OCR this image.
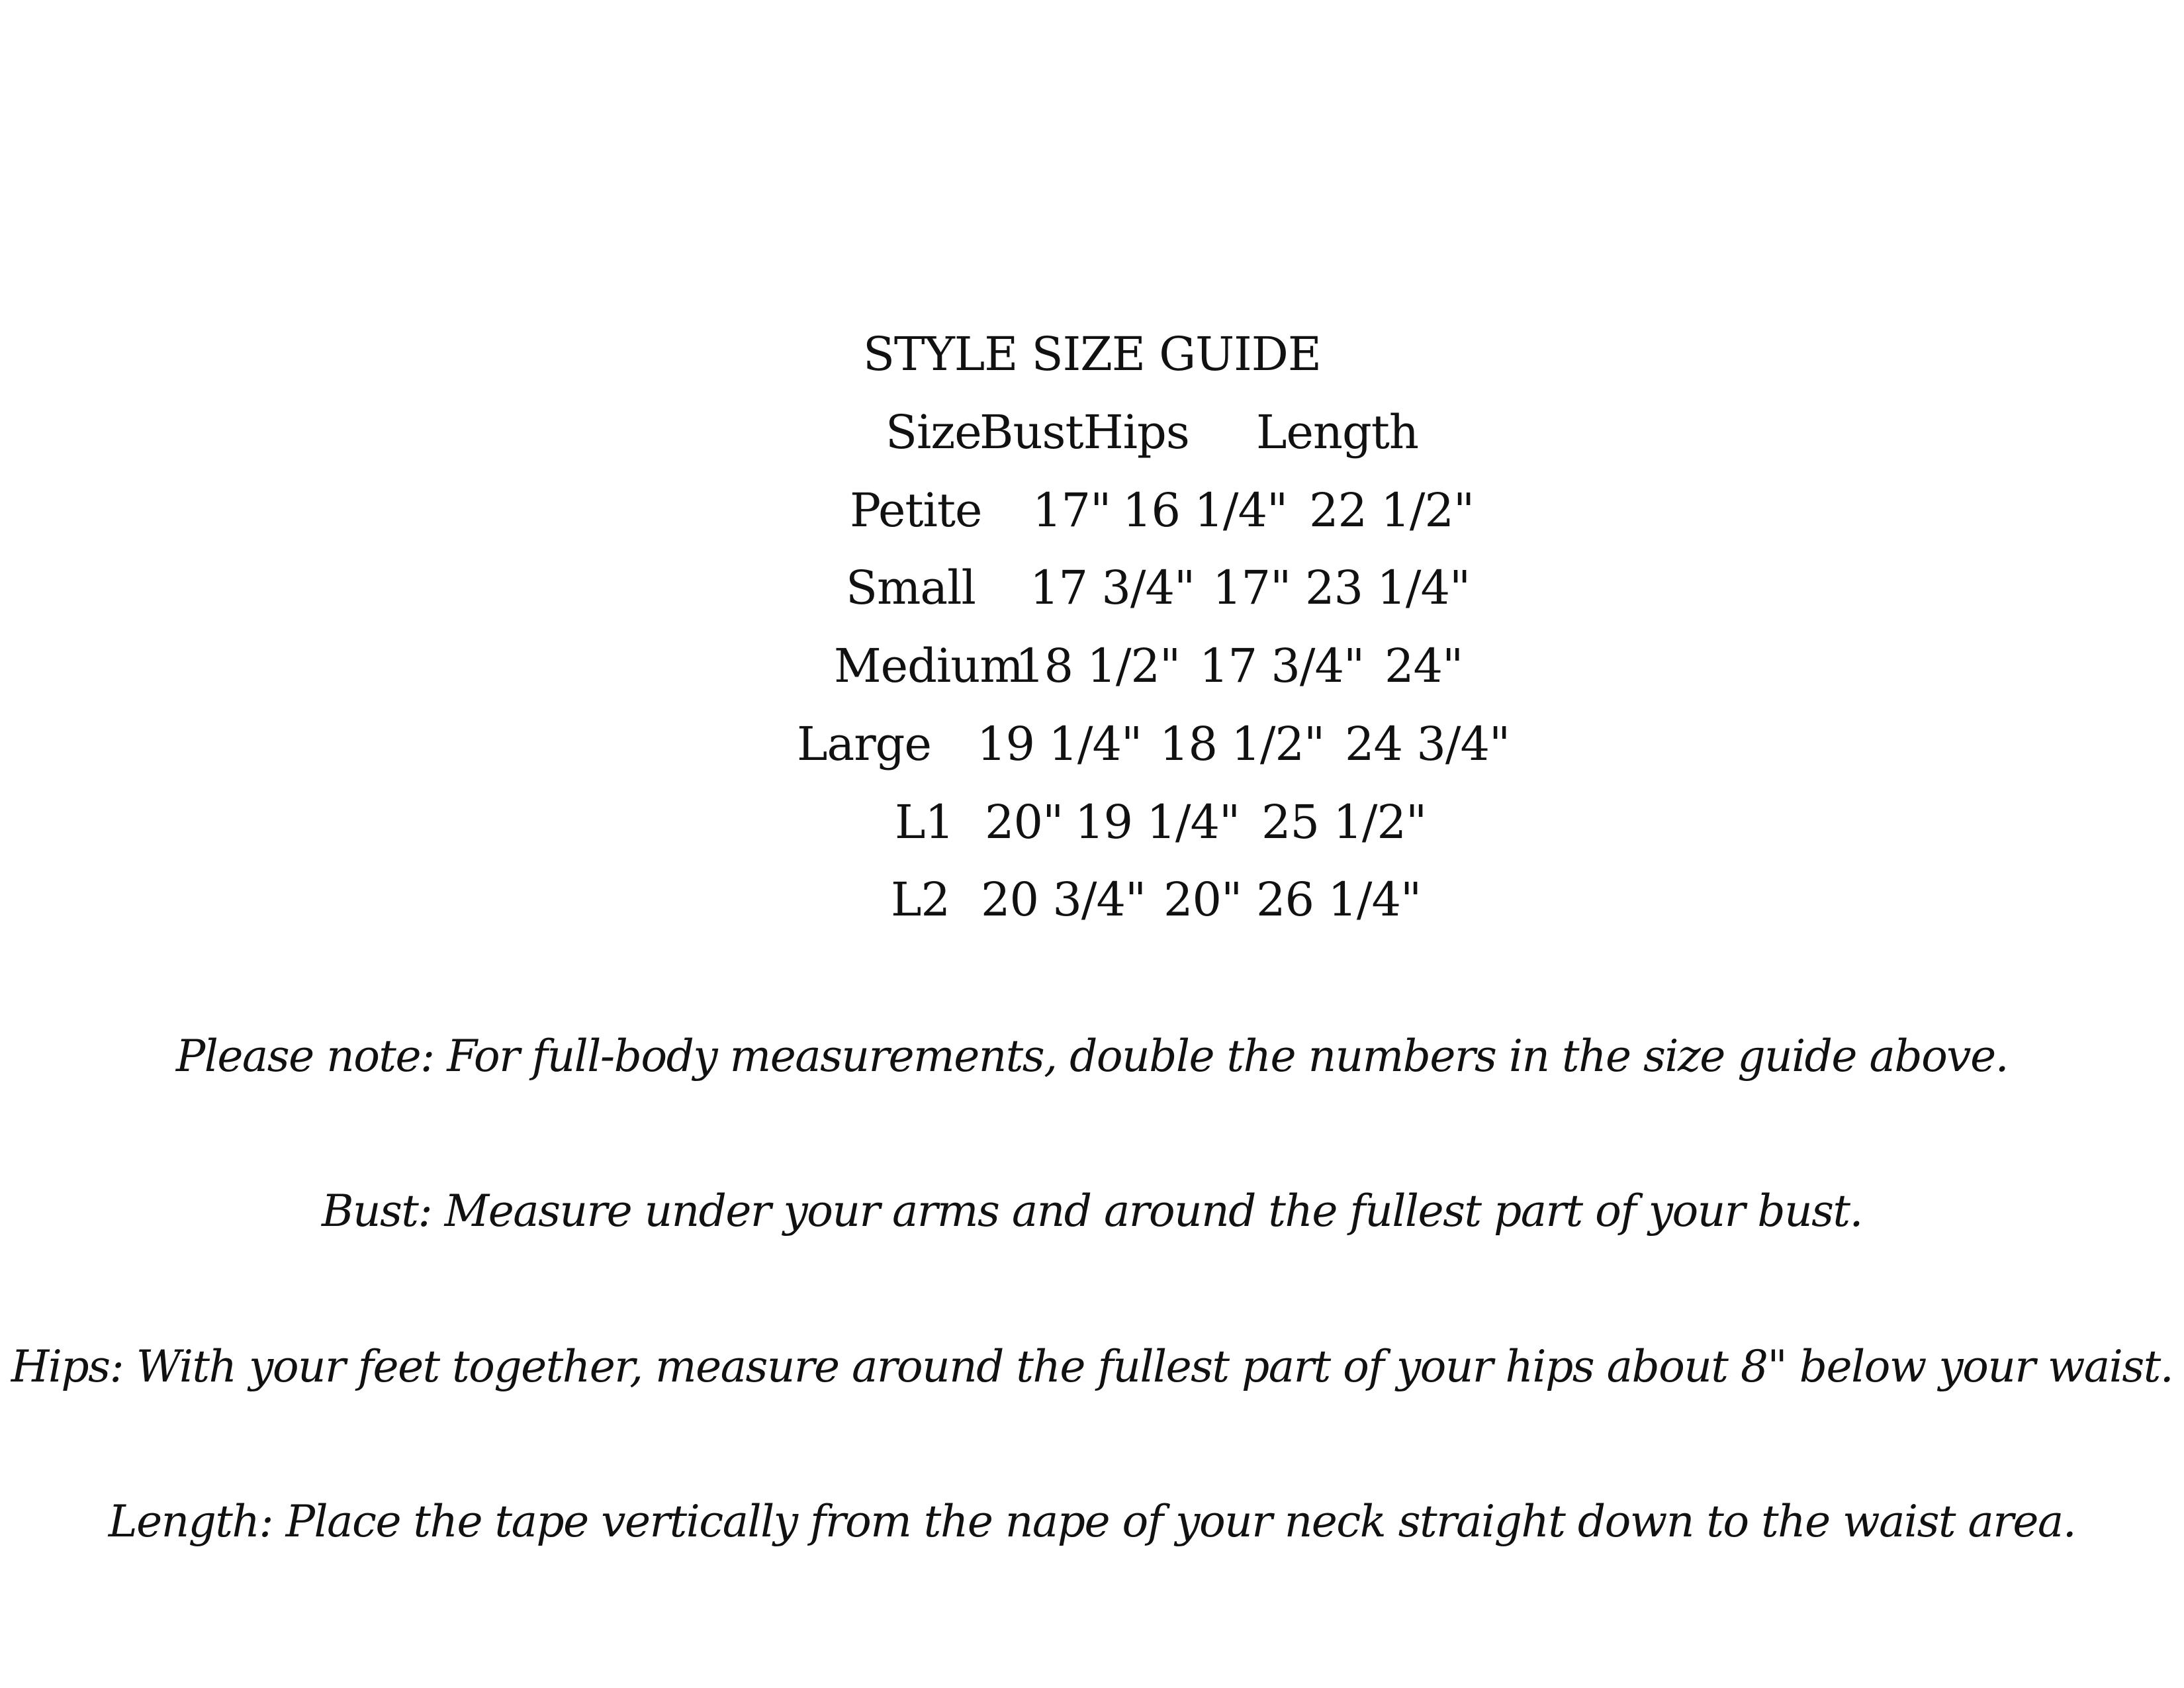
STYLE SIZE GUIDE
Size
BustHips Length
Petite 17" 16 1/4" 22 1/2"
Small 17 3/4" 17" 23 1/4"
Medium
18 1/2" 17 3/4" 24"
Large 19 1/4" 18 1/2" 24 3/4"
L1 20" 19 1/4" 25 1/2"
L2 20 3/4" 20" 26 1/4"
Please note: For full-body measurements, double the numbers in the size guide above.
Bust: Measure under your arms and around the fullest part of your bust.
Hips: With your feet together, measure around the fullest part of your hips about 8" below your waist.
Length: Place the tape vertically from the nape of your neck straight down to the waist area.
